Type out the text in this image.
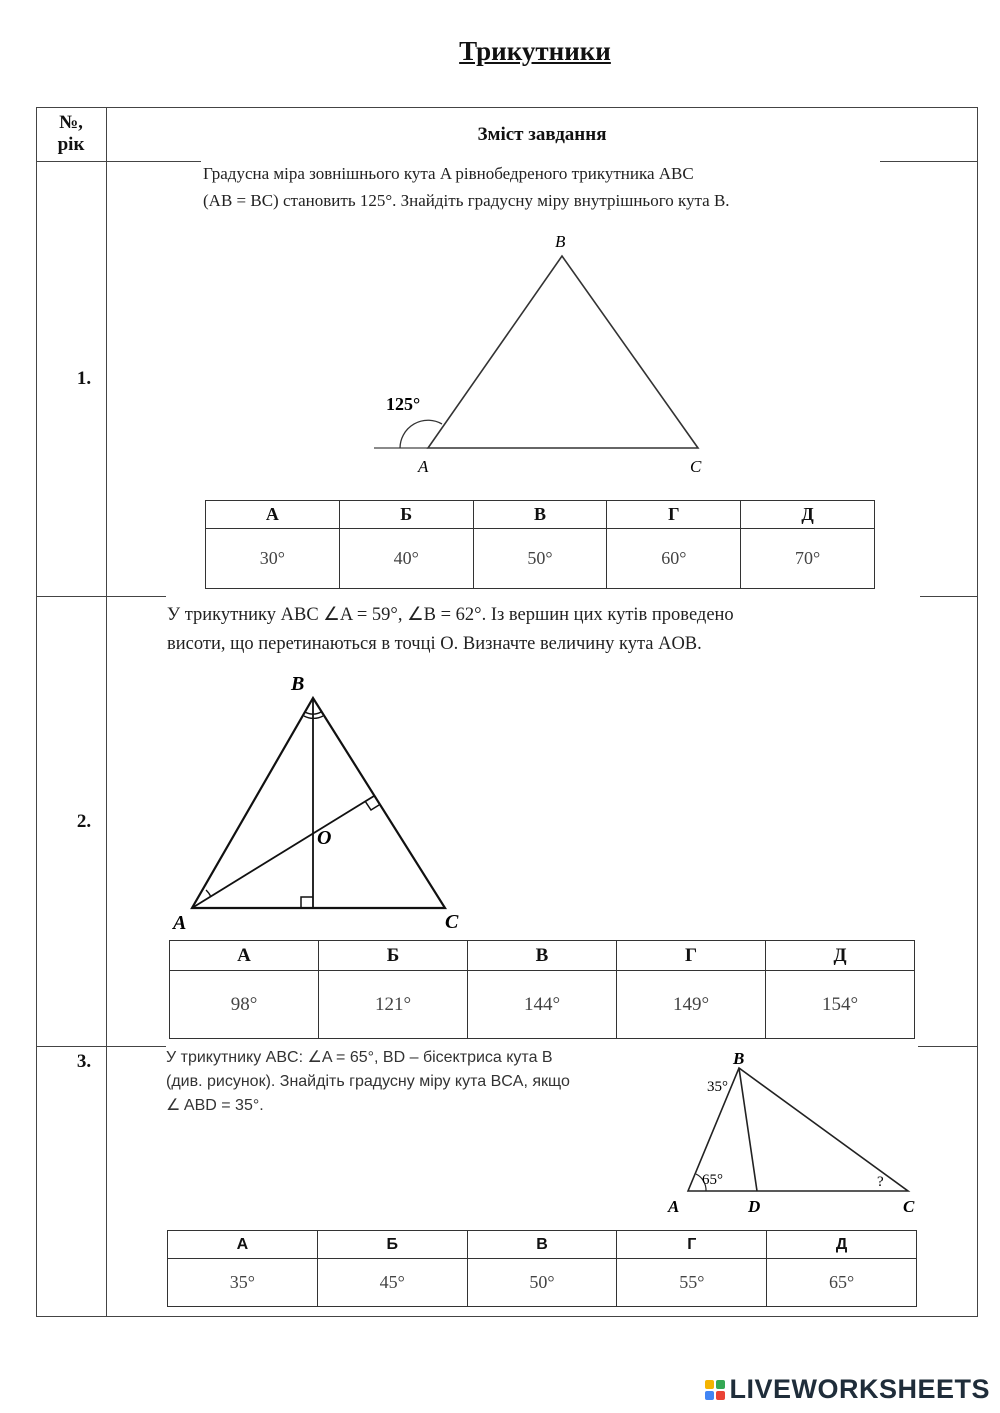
Трикутники
№,
рік	Зміст завдання
1.
Градусна міра зовнішнього кута A рівнобедреного трикутника ABC
(AB = BC) становить 125°. Знайдіть градусну міру внутрішнього кута B.
B
A	C
125°
А	Б	В	Г	Д
30°	40°	50°	60°	70°
2.
У трикутнику ABC ∠A = 59°, ∠B = 62°. Із вершин цих кутів проведено
висоти, що перетинаються в точці O. Визначте величину кута AOB.
B
A	C
O
А	Б	В	Г	Д
98°	121°	144°	149°	154°
3.	У трикутнику ABC: ∠A = 65°, BD – бісектриса кута B
(див. рисунок). Знайдіть градусну міру кута BCA, якщо
∠ ABD = 35°.
B
A	D	C
35°
65°	?
А	Б	В	Г	Д
35°	45°	50°	55°	65°
LIVEWORKSHEETS
